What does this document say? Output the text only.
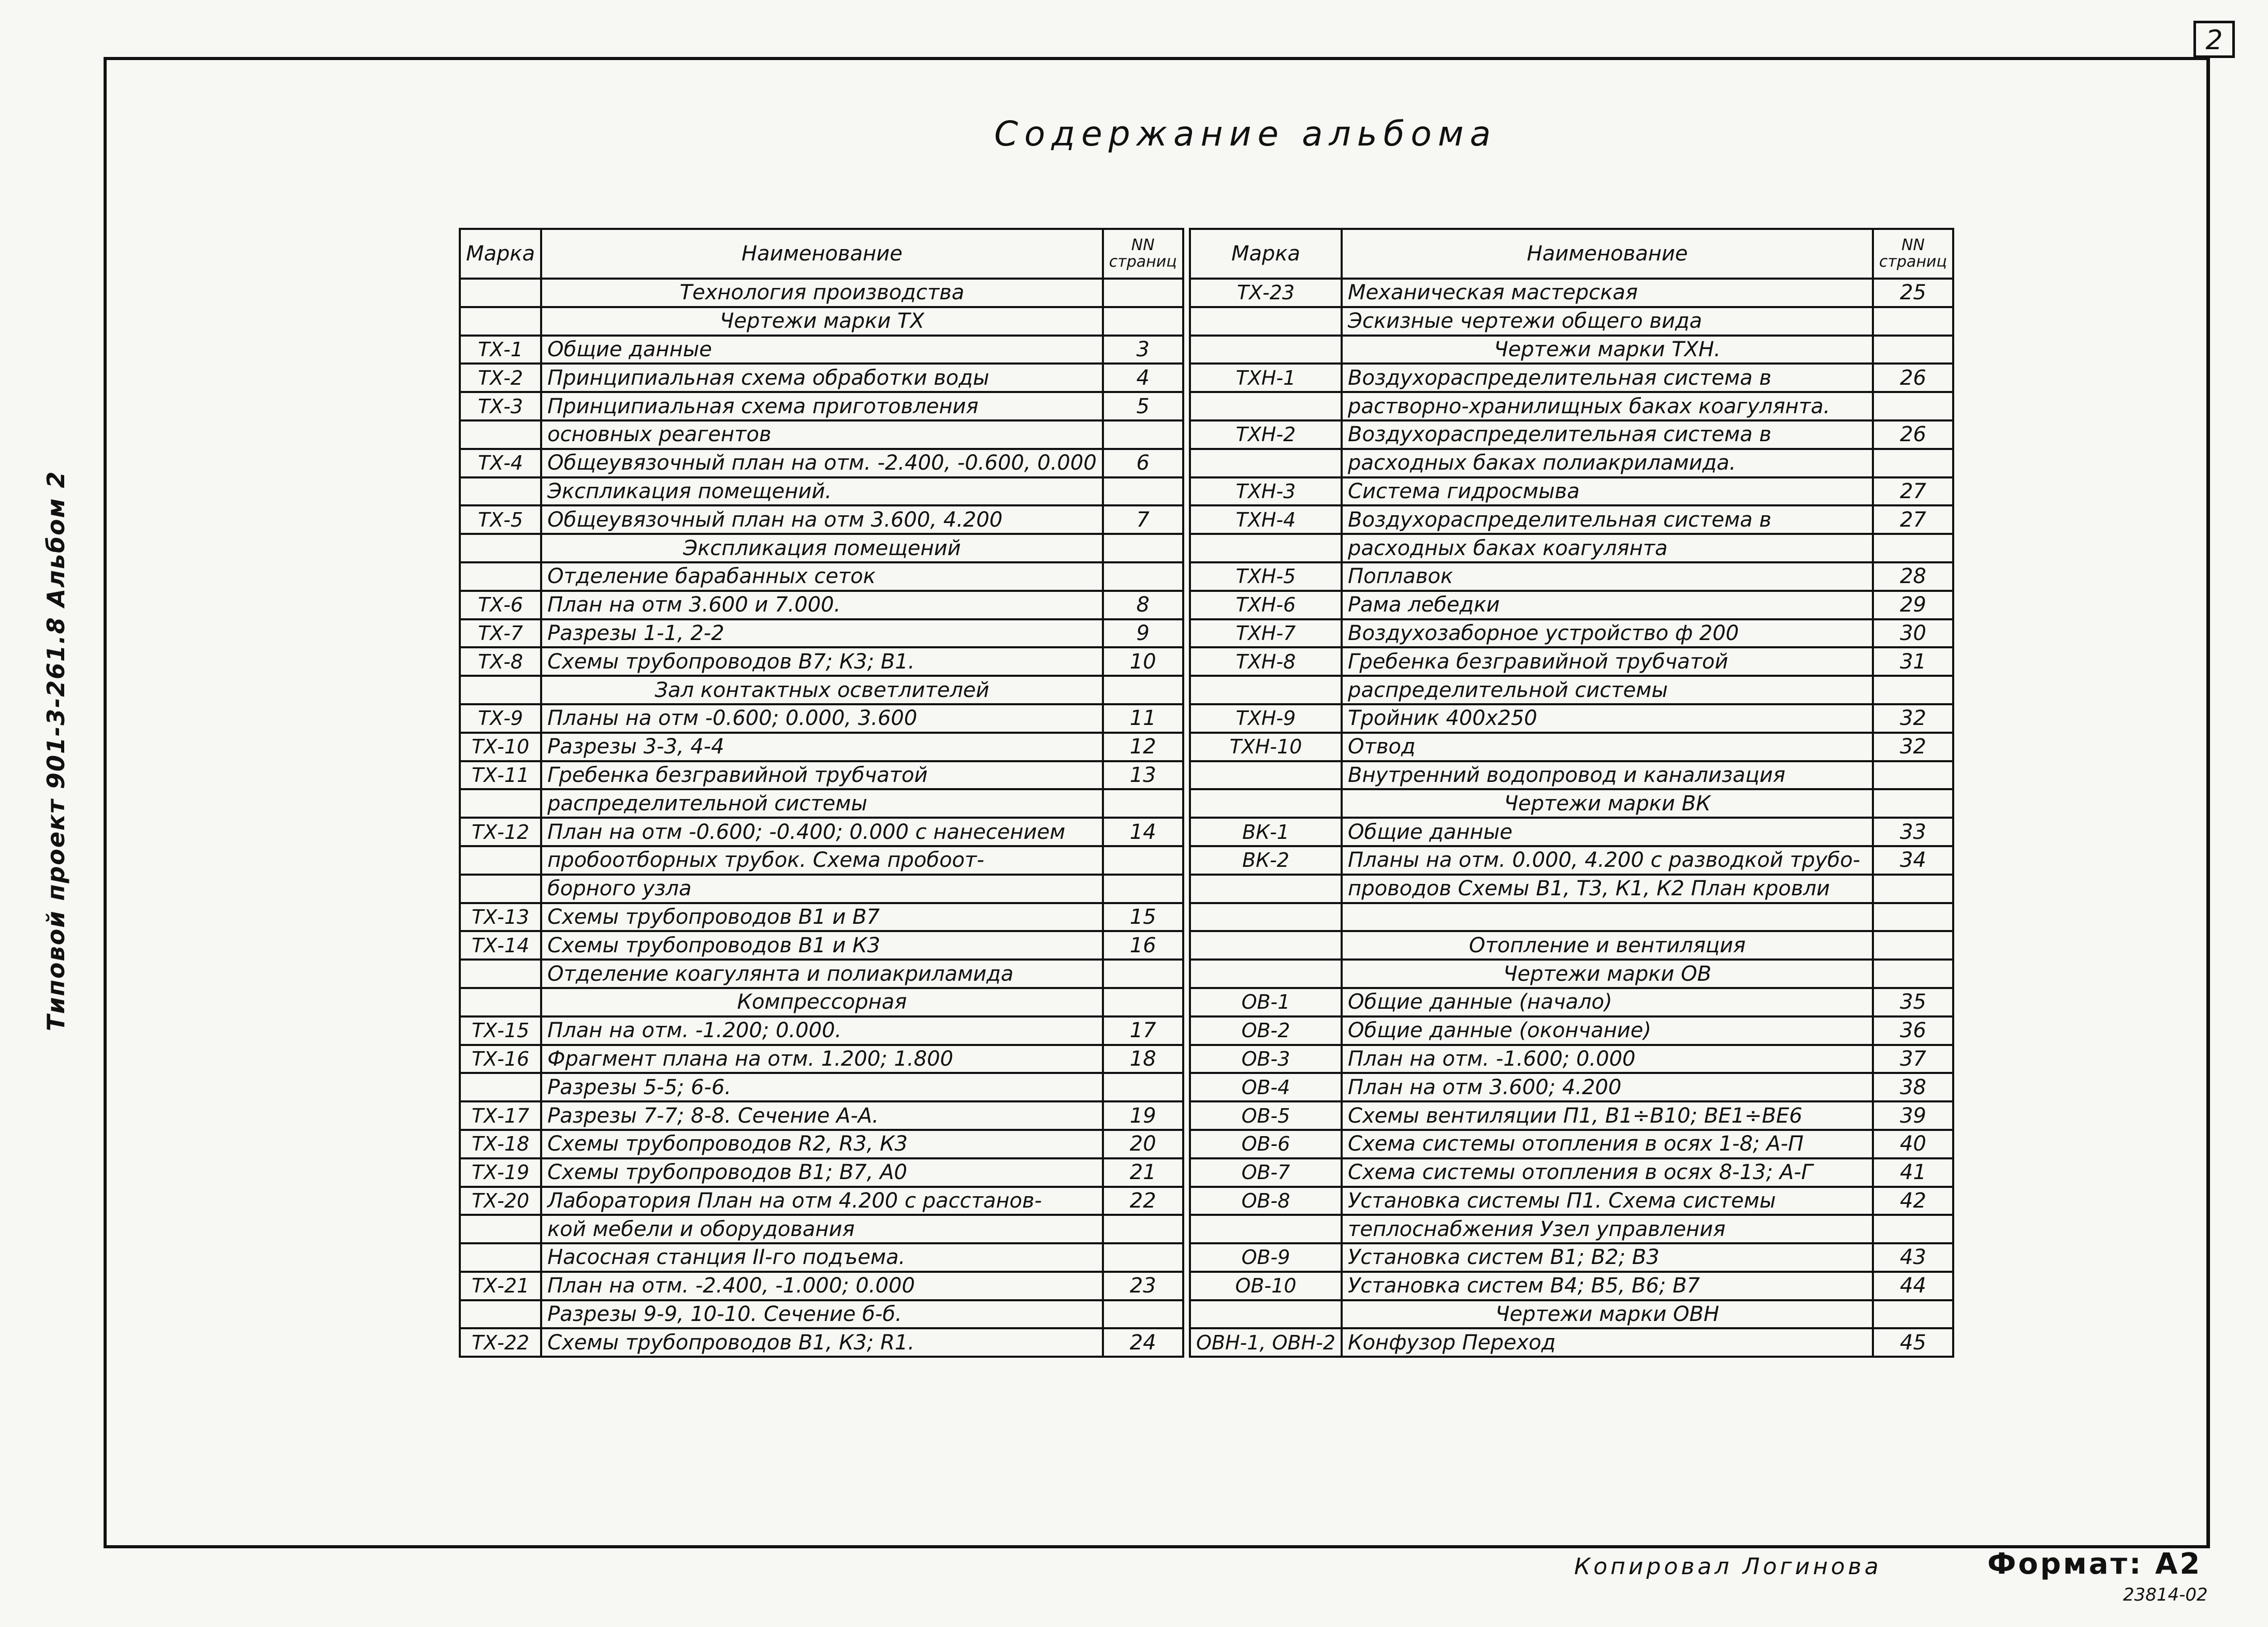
2
Типовой проект 901-3-261.8 Альбом 2
Содержание альбома
Марка	Наименование	NN
страниц

	Технология производства	
	Чертежи марки ТХ	
ТХ-1	Общие данные	3
ТХ-2	Принципиальная схема обработки воды	4
ТХ-3	Принципиальная схема приготовления	5
	основных реагентов	
ТХ-4	Общеувязочный план на отм. -2.400, -0.600, 0.000	6
	Экспликация помещений.	
ТХ-5	Общеувязочный план на отм 3.600, 4.200	7
	Экспликация помещений	
	Отделение барабанных сеток	
ТХ-6	План на отм 3.600 и 7.000.	8
ТХ-7	Разрезы 1-1, 2-2	9
ТХ-8	Схемы трубопроводов В7; К3; В1.	10
	Зал контактных осветлителей	
ТХ-9	Планы на отм -0.600; 0.000, 3.600	11
ТХ-10	Разрезы 3-3, 4-4	12
ТХ-11	Гребенка безгравийной трубчатой	13
	распределительной системы	
ТХ-12	План на отм -0.600; -0.400; 0.000 с нанесением	14
	пробоотборных трубок. Схема пробоот-	
	борного узла	
ТХ-13	Схемы трубопроводов В1 и В7	15
ТХ-14	Схемы трубопроводов В1 и К3	16
	Отделение коагулянта и полиакриламида	
	Компрессорная	
ТХ-15	План на отм. -1.200; 0.000.	17
ТХ-16	Фрагмент плана на отм. 1.200; 1.800	18
	Разрезы 5-5; 6-6.	
ТХ-17	Разрезы 7-7; 8-8. Сечение А-А.	19
ТХ-18	Схемы трубопроводов R2, R3, К3	20
ТХ-19	Схемы трубопроводов В1; В7, А0	21
ТХ-20	Лаборатория План на отм 4.200 с расстанов-	22
	кой мебели и оборудования	
	Насосная станция II-го подъема.	
ТХ-21	План на отм. -2.400, -1.000; 0.000	23
	Разрезы 9-9, 10-10. Сечение б-б.	
ТХ-22	Схемы трубопроводов В1, К3; R1.	24
Марка	Наименование	NN
страниц

ТХ-23	Механическая мастерская	25
	Эскизные чертежи общего вида	
	Чертежи марки ТХН.	
ТХН-1	Воздухораспределительная система в	26
	растворно-хранилищных баках коагулянта.	
ТХН-2	Воздухораспределительная система в	26
	расходных баках полиакриламида.	
ТХН-3	Система гидросмыва	27
ТХН-4	Воздухораспределительная система в	27
	расходных баках коагулянта	
ТХН-5	Поплавок	28
ТХН-6	Рама лебедки	29
ТХН-7	Воздухозаборное устройство ф 200	30
ТХН-8	Гребенка безгравийной трубчатой	31
	распределительной системы	
ТХН-9	Тройник 400х250	32
ТХН-10	Отвод	32
	Внутренний водопровод и канализация	
	Чертежи марки ВК	
ВК-1	Общие данные	33
ВК-2	Планы на отм. 0.000, 4.200 с разводкой трубо-	34
	проводов Схемы В1, Т3, К1, К2 План кровли	

	Отопление и вентиляция	
	Чертежи марки ОВ	
ОВ-1	Общие данные (начало)	35
ОВ-2	Общие данные (окончание)	36
ОВ-3	План на отм. -1.600; 0.000	37
ОВ-4	План на отм 3.600; 4.200	38
ОВ-5	Схемы вентиляции П1, В1÷В10; ВЕ1÷ВЕ6	39
ОВ-6	Схема системы отопления в осях 1-8; А-П	40
ОВ-7	Схема системы отопления в осях 8-13; А-Г	41
ОВ-8	Установка системы П1. Схема системы	42
	теплоснабжения Узел управления	
ОВ-9	Установка систем В1; В2; В3	43
ОВ-10	Установка систем В4; В5, В6; В7	44
	Чертежи марки ОВН	
ОВН-1, ОВН-2	Конфузор Переход	45
Копировал Логинова	Формат: А2
23814-02
